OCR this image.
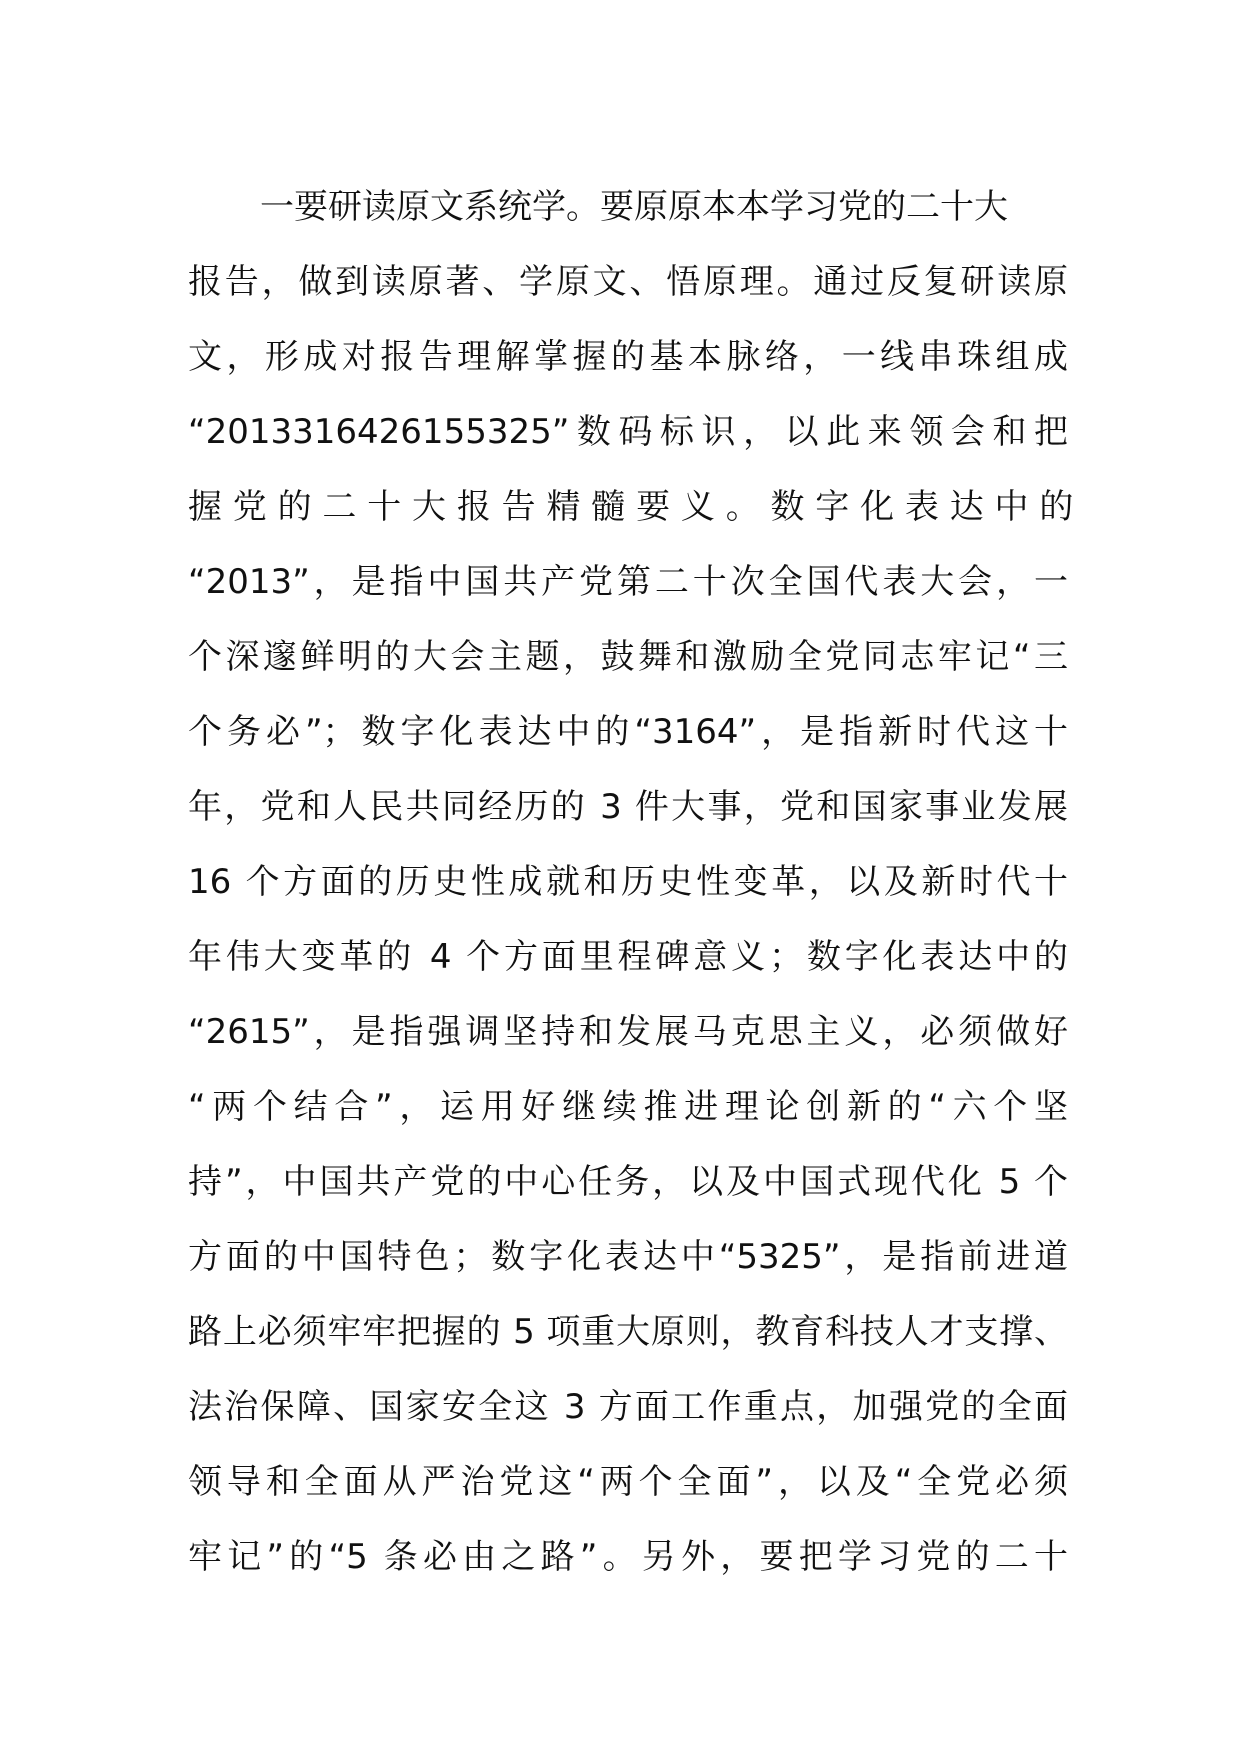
一要研读原文系统学。要原原本本学习党的二十大
报告，做到读原著、学原文、悟原理。通过反复研读原
文，形成对报告理解掌握的基本脉络，一线串珠组成
“2013316426155325”数码标识，以此来领会和把
握 党 的 二 十 大 报 告 精 髓 要 义 。 数 字 化 表 达 中 的
“2013”，是指中国共产党第二十次全国代表大会，一
个深邃鲜明的大会主题，鼓舞和激励全党同志牢记“三
个务必”；数字化表达中的“3164”，是指新时代这十
年，党和人民共同经历的 3 件大事，党和国家事业发展
16 个方面的历史性成就和历史性变革，以及新时代十
年伟大变革的 4 个方面里程碑意义；数字化表达中的
“2615”，是指强调坚持和发展马克思主义，必须做好
“两个结合”，运用好继续推进理论创新的“六个坚
持”，中国共产党的中心任务，以及中国式现代化 5 个
方面的中国特色；数字化表达中“5325”，是指前进道
路上必须牢牢把握的 5 项重大原则，教育科技人才支撑、
法治保障、国家安全这 3 方面工作重点，加强党的全面
领导和全面从严治党这“两个全面”，以及“全党必须
牢记”的“5 条必由之路”。另外，要把学习党的二十
